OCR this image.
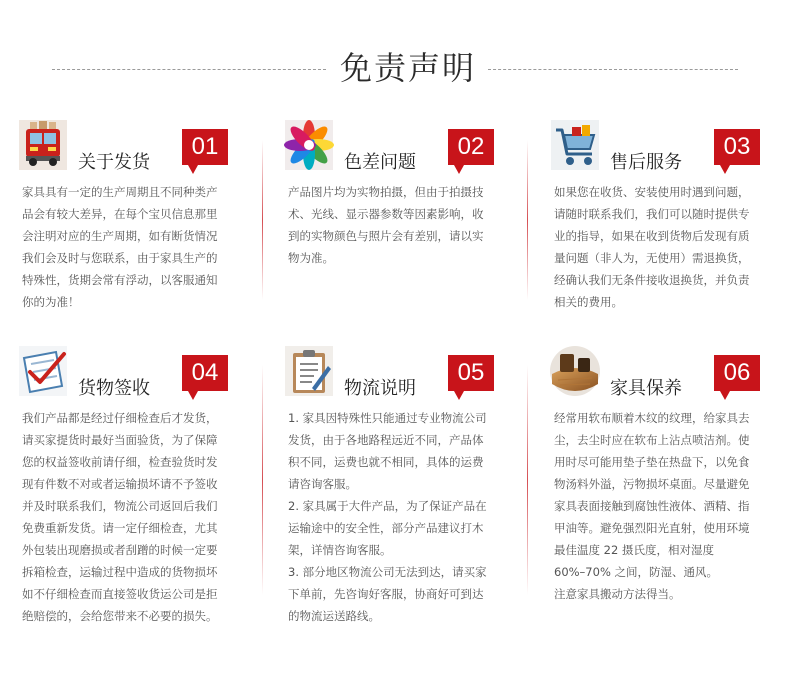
免责声明
关于发货
01

家具具有一定的生产周期且不同种类产

品会有较大差异，在每个宝贝信息那里

会注明对应的生产周期，如有断货情况

我们会及时与您联系，由于家具生产的

特殊性，货期会常有浮动，以客服通知

你的为准！

色差问题
02

产品图片均为实物拍摄，但由于拍摄技

术、光线、显示器参数等因素影响，收

到的实物颜色与照片会有差别，请以实

物为准。

售后服务
03

如果您在收货、安装使用时遇到问题，

请随时联系我们，我们可以随时提供专

业的指导，如果在收到货物后发现有质

量问题（非人为，无使用）需退换货，

经确认我们无条件接收退换货，并负责

相关的费用。

货物签收
04

我们产品都是经过仔细检查后才发货，

请买家提货时最好当面验货，为了保障

您的权益签收前请仔细，检查验货时发

现有件数不对或者运输损坏请不予签收

并及时联系我们，物流公司返回后我们

免费重新发货。请一定仔细检查，尤其

外包装出现磨损或者刮蹭的时候一定要

拆箱检查，运输过程中造成的货物损坏

如不仔细检查而直接签收货运公司是拒

绝赔偿的，会给您带来不必要的损失。

物流说明
05

1. 家具因特殊性只能通过专业物流公司

发货，由于各地路程远近不同，产品体

积不同，运费也就不相同，具体的运费

请咨询客服。

2. 家具属于大件产品，为了保证产品在

运输途中的安全性，部分产品建议打木

架，详情咨询客服。

3. 部分地区物流公司无法到达，请买家

下单前，先咨询好客服，协商好可到达

的物流运送路线。

家具保养
06

经常用软布顺着木纹的纹理，给家具去

尘，去尘时应在软布上沾点喷洁剂。使

用时尽可能用垫子垫在热盘下，以免食

物汤料外溢，污物损坏桌面。尽量避免

家具表面接触到腐蚀性液体、酒精、指

甲油等。避免强烈阳光直射，使用环境

最佳温度 22 摄氏度，相对湿度

60%–70% 之间，防湿、通风。

注意家具搬动方法得当。
